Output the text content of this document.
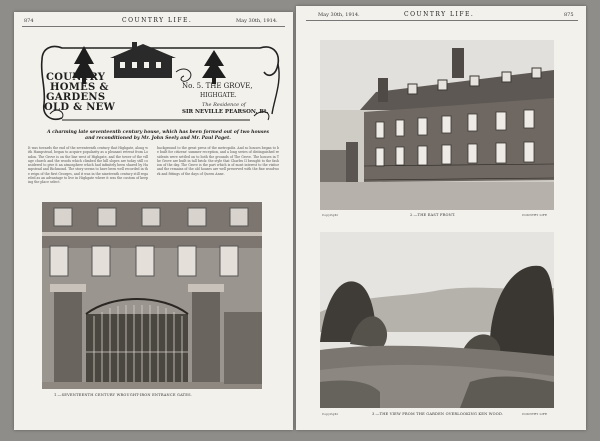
874	COUNTRY LIFE.	May 30th, 1914.
COUNTRY
HOMES &
GARDENS
OLD & NEW
No. 5. THE GROVE,
HIGHGATE.
The Residence of
SIR NEVILLE PEARSON, Bt.
A charming late seventeenth century house, which has been formed out of two houses and reconditioned by Mr. John Seely and Mr. Paul Paget.
It was towards the end of the seventeenth century that Highgate, along with Hampstead, began to acquire popularity as a pleasant retreat from London. The Grove is on the line west of Highgate, and the tower of the village church and the woods which climbed the hill slopes are today still considered to give it an atmosphere which had infinitely been shared by Hampstead and Richmond. The story seems to have been well recorded in the reign of the first Georges, and it was in the nineteenth century still regarded as an advantage to live in Highgate where it was the custom of keeping the place select.
background to the great press of the metropolis. And so houses began to be built for citizens' summer reception, and a long series of distinguished residents were settled on to both the grounds of The Grove. The houses in The Grove are built in tall brick: the style that Charles II brought to the fashion of the day. The Grove is the part which is of most interest to the visitor and the remains of the old houses are well preserved with the fine woodwork and fittings of the days of Queen Anne.
1.—SEVENTEENTH CENTURY WROUGHT-IRON ENTRANCE GATES.
May 30th, 1914.	COUNTRY LIFE.	875
Copyright	2.—THE EAST FRONT.	COUNTRY LIFE
Copyright	3.—THE VIEW FROM THE GARDEN OVERLOOKING KEN WOOD.	COUNTRY LIFE
